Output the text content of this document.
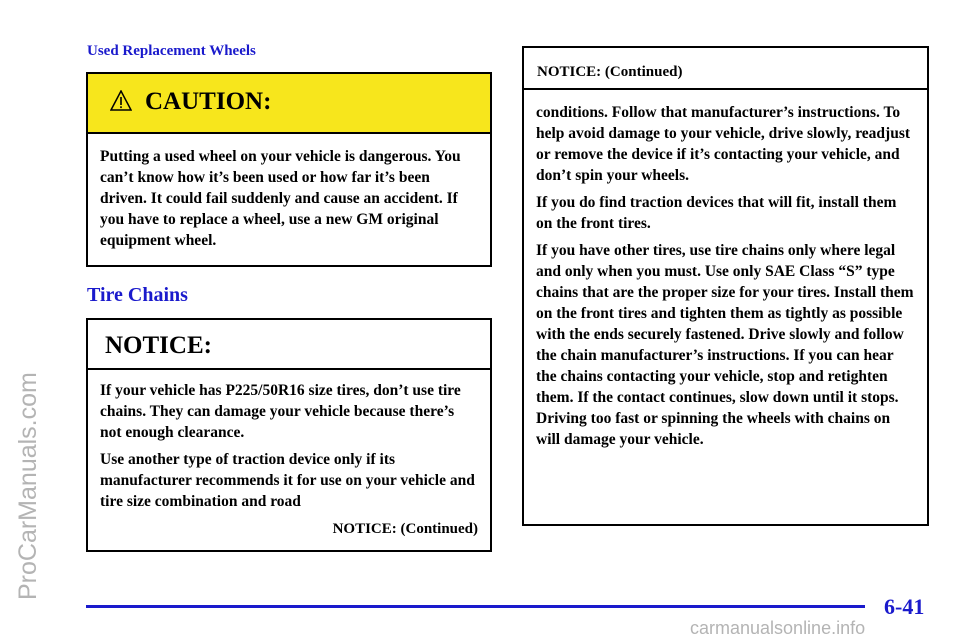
ProCarManuals.com
Used Replacement Wheels
CAUTION:

Putting a used wheel on your vehicle is dangerous. You can’t know how it’s been used or how far it’s been driven. It could fail suddenly and cause an accident. If you have to replace a wheel, use a new GM original equipment wheel.

Tire Chains
NOTICE:

If your vehicle has P225/50R16 size tires, don’t use tire chains. They can damage your vehicle because there’s not enough clearance.

Use another type of traction device only if its manufacturer recommends it for use on your vehicle and tire size combination and road

NOTICE: (Continued)

NOTICE: (Continued)

conditions. Follow that manufacturer’s instructions. To help avoid damage to your vehicle, drive slowly, readjust or remove the device if it’s contacting your vehicle, and don’t spin your wheels.

If you do find traction devices that will fit, install them on the front tires.

If you have other tires, use tire chains only where legal and only when you must. Use only SAE Class “S” type chains that are the proper size for your tires. Install them on the front tires and tighten them as tightly as possible with the ends securely fastened. Drive slowly and follow the chain manufacturer’s instructions. If you can hear the chains contacting your vehicle, stop and retighten them. If the contact continues, slow down until it stops. Driving too fast or spinning the wheels with chains on will damage your vehicle.

6-41
carmanualsonline.info
